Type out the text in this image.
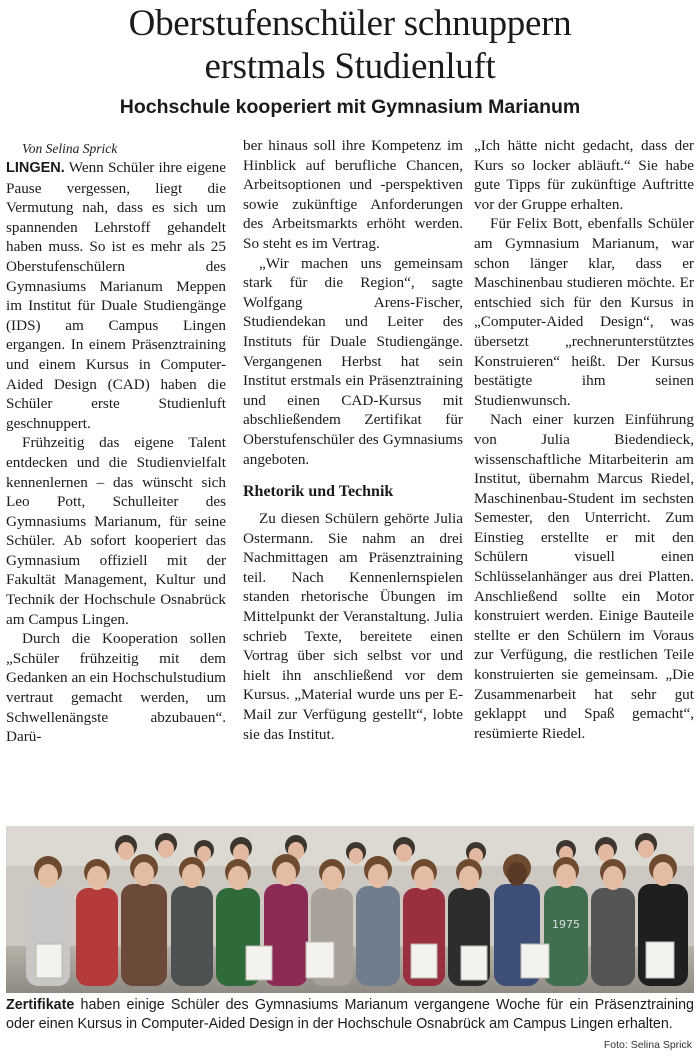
Oberstufenschüler schnuppern
erstmals Studienluft
Hochschule kooperiert mit Gymnasium Marianum

Von Selina Sprick

LINGEN. Wenn Schüler ihre eigene Pause vergessen, liegt die Vermutung nah, dass es sich um spannenden Lehrstoff gehandelt haben muss. So ist es mehr als 25 Oberstufenschülern des Gymnasiums Marianum Meppen im Institut für Duale Studiengänge (IDS) am Campus Lingen ergangen. In einem Präsenztraining und einem Kursus in Computer-Aided Design (CAD) haben die Schüler erste Studienluft geschnuppert.

Frühzeitig das eigene Talent entdecken und die Studienvielfalt kennenlernen – das wünscht sich Leo Pott, Schulleiter des Gymnasiums Marianum, für seine Schüler. Ab sofort kooperiert das Gymnasium offiziell mit der Fakultät Management, Kultur und Technik der Hochschule Osnabrück am Campus Lingen.

Durch die Kooperation sollen „Schüler frühzeitig mit dem Gedanken an ein Hochschulstudium vertraut gemacht werden, um Schwellenängste abzubauen“. Darü-

ber hinaus soll ihre Kompetenz im Hinblick auf berufliche Chancen, Arbeitsoptionen und -perspektiven sowie zukünftige Anforderungen des Arbeitsmarkts erhöht werden. So steht es im Vertrag.

„Wir machen uns gemeinsam stark für die Region“, sagte Wolfgang Arens-Fischer, Studiendekan und Leiter des Instituts für Duale Studiengänge. Vergangenen Herbst hat sein Institut erstmals ein Präsenztraining und einen CAD-Kursus mit abschließendem Zertifikat für Oberstufenschüler des Gymnasiums angeboten.

Rhetorik und Technik

Zu diesen Schülern gehörte Julia Ostermann. Sie nahm an drei Nachmittagen am Präsenztraining teil. Nach Kennenlernspielen standen rhetorische Übungen im Mittelpunkt der Veranstaltung. Julia schrieb Texte, bereitete einen Vortrag über sich selbst vor und hielt ihn anschließend vor dem Kursus. „Material wurde uns per E-Mail zur Verfügung gestellt“, lobte sie das Institut.

„Ich hätte nicht gedacht, dass der Kurs so locker abläuft.“ Sie habe gute Tipps für zukünftige Auftritte vor der Gruppe erhalten.

Für Felix Bott, ebenfalls Schüler am Gymnasium Marianum, war schon länger klar, dass er Maschinenbau studieren möchte. Er entschied sich für den Kursus in „Computer-Aided Design“, was übersetzt „rechnerunterstütztes Konstruieren“ heißt. Der Kursus bestätigte ihm seinen Studienwunsch.

Nach einer kurzen Einführung von Julia Biedendieck, wissenschaftliche Mitarbeiterin am Institut, übernahm Marcus Riedel, Maschinenbau-Student im sechsten Semester, den Unterricht. Zum Einstieg erstellte er mit den Schülern visuell einen Schlüsselanhänger aus drei Platten. Anschließend sollte ein Motor konstruiert werden. Einige Bauteile stellte er den Schülern im Voraus zur Verfügung, die restlichen Teile konstruierten sie gemeinsam. „Die Zusammenarbeit hat sehr gut geklappt und Spaß gemacht“, resümierte Riedel.

1975
Zertifikate haben einige Schüler des Gymnasiums Marianum vergangene Woche für ein Präsenztraining oder einen Kursus in Computer-Aided Design in der Hochschule Osnabrück am Campus Lingen erhalten.
Foto: Selina Sprick
